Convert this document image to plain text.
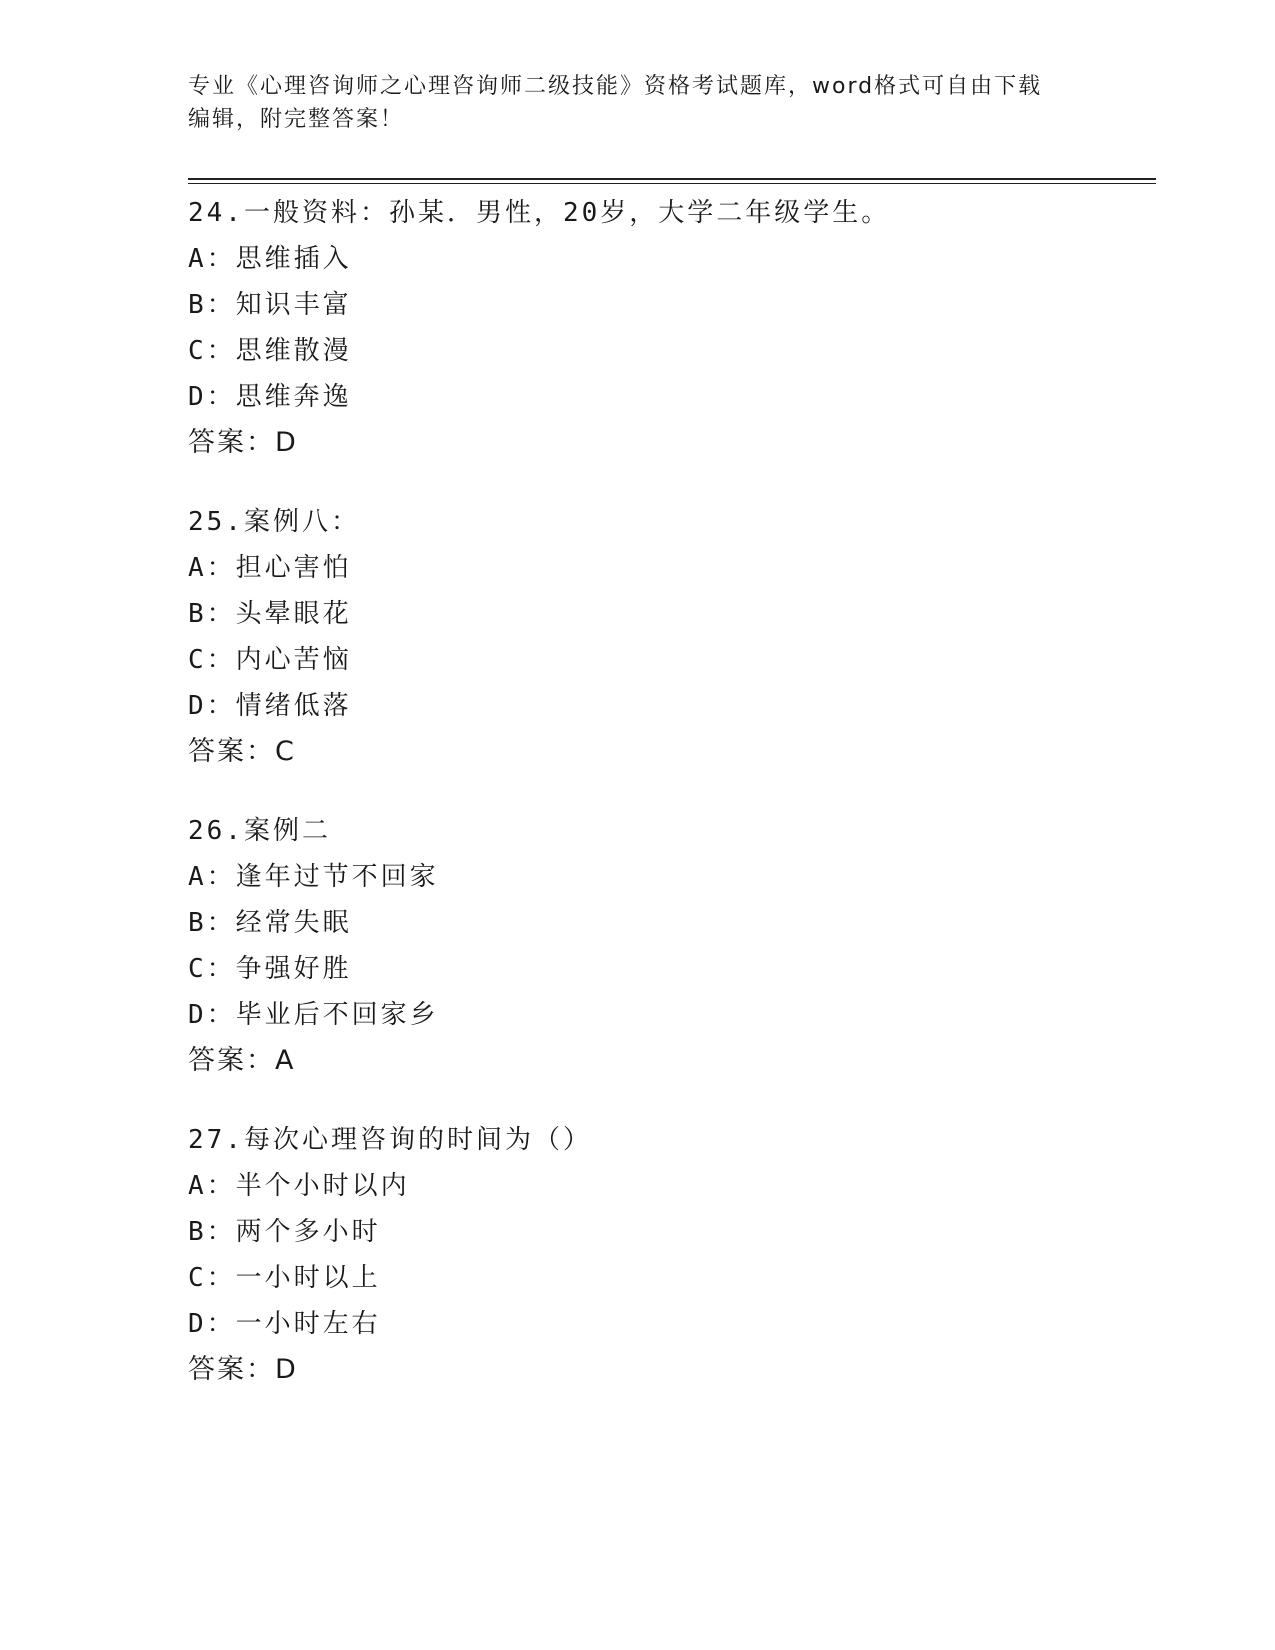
专业《心理咨询师之心理咨询师二级技能》资格考试题库，word格式可自由下载
编辑，附完整答案！
24.一般资料：孙某．男性，20岁，大学二年级学生。
A：思维插入
B：知识丰富
C：思维散漫
D：思维奔逸
答案：D
25.案例八：
A：担心害怕
B：头晕眼花
C：内心苦恼
D：情绪低落
答案：C
26.案例二
A：逢年过节不回家
B：经常失眠
C：争强好胜
D：毕业后不回家乡
答案：A
27.每次心理咨询的时间为（）
A：半个小时以内
B：两个多小时
C：一小时以上
D：一小时左右
答案：D
